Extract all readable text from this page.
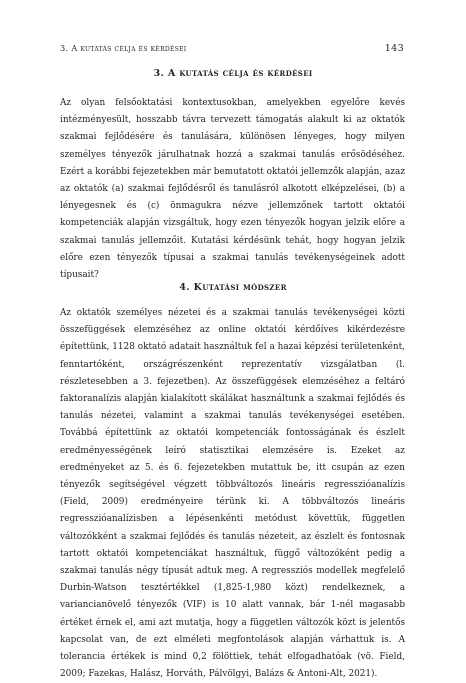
3. A kutatás célja és kérdései	143
3. A kutatás célja és kérdései

Az olyan felsőoktatási kontextusokban, amelyekben egyelőre kevés intézményesült, hosszabb távra tervezett támogatás alakult ki az oktatók szakmai fejlődésére és tanulására, különösen lényeges, hogy milyen személyes tényezők járulhatnak hozzá a szakmai tanulás erősödéséhez. Ezért a korábbi fejezetekben már bemutatott oktatói jellemzők alapján, azaz az oktatók (a) szakmai fejlődésről és tanulásról alkotott elképzelései, (b) a lényegesnek és (c) önmagukra nézve jellemzőnek tartott oktatói kompetenciák alapján vizsgáltuk, hogy ezen tényezők hogyan jelzik előre a szakmai tanulás jellemzőit. Kutatási kérdésünk tehát, hogy hogyan jelzik előre ezen tényezők típusai a szakmai tanulás tevékenységeinek adott típusait?

4. Kutatási módszer

Az oktatók személyes nézetei és a szakmai tanulás tevékenységei közti összefüggések elemzéséhez az online oktatói kérdőíves kikérdezésre építettünk, 1128 oktató adatait használtuk fel a hazai képzési területenként, fenntartóként, országrészenként reprezentatív vizsgálatban (l. részletesebben a 3. fejezetben). Az összefüggések elemzéséhez a feltáró faktoranalízis alapján kialakított skálákat használtunk a szakmai fejlődés és tanulás nézetei, valamint a szakmai tanulás tevékenységei esetében. Továbbá építettünk az oktatói kompetenciák fontosságának és észlelt eredményességének leíró statisztikai elemzésére is. Ezeket az eredményeket az 5. és 6. fejezetekben mutattuk be, itt csupán az ezen tényezők segítségével végzett többváltozós lineáris regresszióanalízis (Field, 2009) eredményeire térünk ki. A többváltozós lineáris regresszióanalízisben a lépésenkénti metódust követtük, független változókként a szakmai fejlődés és tanulás nézeteit, az észlelt és fontosnak tartott oktatói kompetenciákat használtuk, függő változóként pedig a szakmai tanulás négy típusát adtuk meg. A regressziós modellek megfelelő Durbin-Watson tesztértékkel (1,825-1,980 közt) rendelkeznek, a variancianövelő tényezők (VIF) is 10 alatt vannak, bár 1-nél magasabb értéket érnek el, ami azt mutatja, hogy a független változók közt is jelentős kapcsolat van, de ezt elméleti megfontolások alapján várhattuk is. A tolerancia értékek is mind 0,2 fölöttiek, tehát elfogadhatóak (vö. Field, 2009; Fazekas, Halász, Horváth, Pálvölgyi, Balázs & Antoni-Alt, 2021).
